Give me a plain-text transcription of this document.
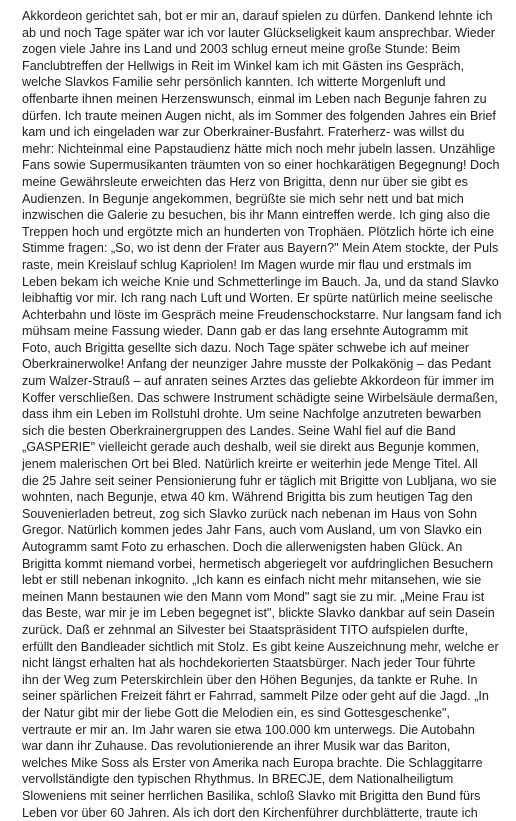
Akkordeon gerichtet sah, bot er mir an, darauf spielen zu dürfen. Dankend lehnte ich
ab und noch Tage später war ich vor lauter Glückseligkeit kaum ansprechbar. Wieder
zogen viele Jahre ins Land und 2003 schlug erneut meine große Stunde: Beim
Fanclubtreffen der Hellwigs in Reit im Winkel kam ich mit Gästen ins Gespräch,
welche Slavkos Familie sehr persönlich kannten. Ich witterte Morgenluft und
offenbarte ihnen meinen Herzenswunsch, einmal im Leben nach Begunje fahren zu
dürfen. Ich traute meinen Augen nicht, als im Sommer des folgenden Jahres ein Brief
kam und ich eingeladen war zur Oberkrainer-Busfahrt. Fraterherz- was willst du
mehr: Nichteinmal eine Papstaudienz hätte mich noch mehr jubeln lassen. Unzählige
Fans sowie Supermusikanten träumten von so einer hochkarätigen Begegnung! Doch
meine Gewährsleute erweichten das Herz von Brigitta, denn nur über sie gibt es
Audienzen. In Begunje angekommen, begrüßte sie mich sehr nett und bat mich
inzwischen die Galerie zu besuchen, bis ihr Mann eintreffen werde. Ich ging also die
Treppen hoch und ergötzte mich an hunderten von Trophäen. Plötzlich hörte ich eine
Stimme fragen: „So, wo ist denn der Frater aus Bayern?" Mein Atem stockte, der Puls
raste, mein Kreislauf schlug Kapriolen! Im Magen wurde mir flau und erstmals im
Leben bekam ich weiche Knie und Schmetterlinge im Bauch. Ja, und da stand Slavko
leibhaftig vor mir. Ich rang nach Luft und Worten. Er spürte natürlich meine seelische
Achterbahn und löste im Gespräch meine Freudenschockstarre. Nur langsam fand ich
mühsam meine Fassung wieder. Dann gab er das lang ersehnte Autogramm mit
Foto, auch Brigitta gesellte sich dazu. Noch Tage später schwebe ich auf meiner
Oberkrainerwolke! Anfang der neunziger Jahre musste der Polkakönig – das Pedant
zum Walzer-Strauß – auf anraten seines Arztes das geliebte Akkordeon für immer im
Koffer verschließen. Das schwere Instrument schädigte seine Wirbelsäule dermaßen,
dass ihm ein Leben im Rollstuhl drohte. Um seine Nachfolge anzutreten bewarben
sich die besten Oberkrainergruppen des Landes. Seine Wahl fiel auf die Band
„GASPERIE" vielleicht gerade auch deshalb, weil sie direkt aus Begunje kommen,
jenem malerischen Ort bei Bled. Natürlich kreirte er weiterhin jede Menge Titel. All
die 25 Jahre seit seiner Pensionierung fuhr er täglich mit Brigitte von Lubljana, wo sie
wohnten, nach Begunje, etwa 40 km. Während Brigitta bis zum heutigen Tag den
Souvenierladen betreut, zog sich Slavko zurück nach nebenan im Haus von Sohn
Gregor. Natürlich kommen jedes Jahr Fans, auch vom Ausland, um von Slavko ein
Autogramm samt Foto zu erhaschen. Doch die allerwenigsten haben Glück. An
Brigitta kommt niemand vorbei, hermetisch abgeriegelt vor aufdringlichen Besuchern
lebt er still nebenan inkognito. „Ich kann es einfach nicht mehr mitansehen, wie sie
meinen Mann bestaunen wie den Mann vom Mond" sagt sie zu mir. „Meine Frau ist
das Beste, war mir je im Leben begegnet ist", blickte Slavko dankbar auf sein Dasein
zurück. Daß er zehnmal an Silvester bei Staatspräsident TITO aufspielen durfte,
erfüllt den Bandleader sichtlich mit Stolz. Es gibt keine Auszeichnung mehr, welche er
nicht längst erhalten hat als hochdekorierten Staatsbürger. Nach jeder Tour führte
ihn der Weg zum Peterskirchlein über den Höhen Begunjes, da tankte er Ruhe. In
seiner spärlichen Freizeit fährt er Fahrrad, sammelt Pilze oder geht auf die Jagd. „In
der Natur gibt mir der liebe Gott die Melodien ein, es sind Gottesgeschenke",
vertraute er mir an. Im Jahr waren sie etwa 100.000 km unterwegs. Die Autobahn
war dann ihr Zuhause. Das revolutionierende an ihrer Musik war das Bariton,
welches Mike Soss als Erster von Amerika nach Europa brachte. Die Schlaggitarre
vervollständigte den typischen Rhythmus. In BRECJE, dem Nationalheiligtum
Sloweniens mit seiner herrlichen Basilika, schloß Slavko mit Brigitta den Bund fürs
Leben vor über 60 Jahren. Als ich dort den Kirchenführer durchblätterte, traute ich
